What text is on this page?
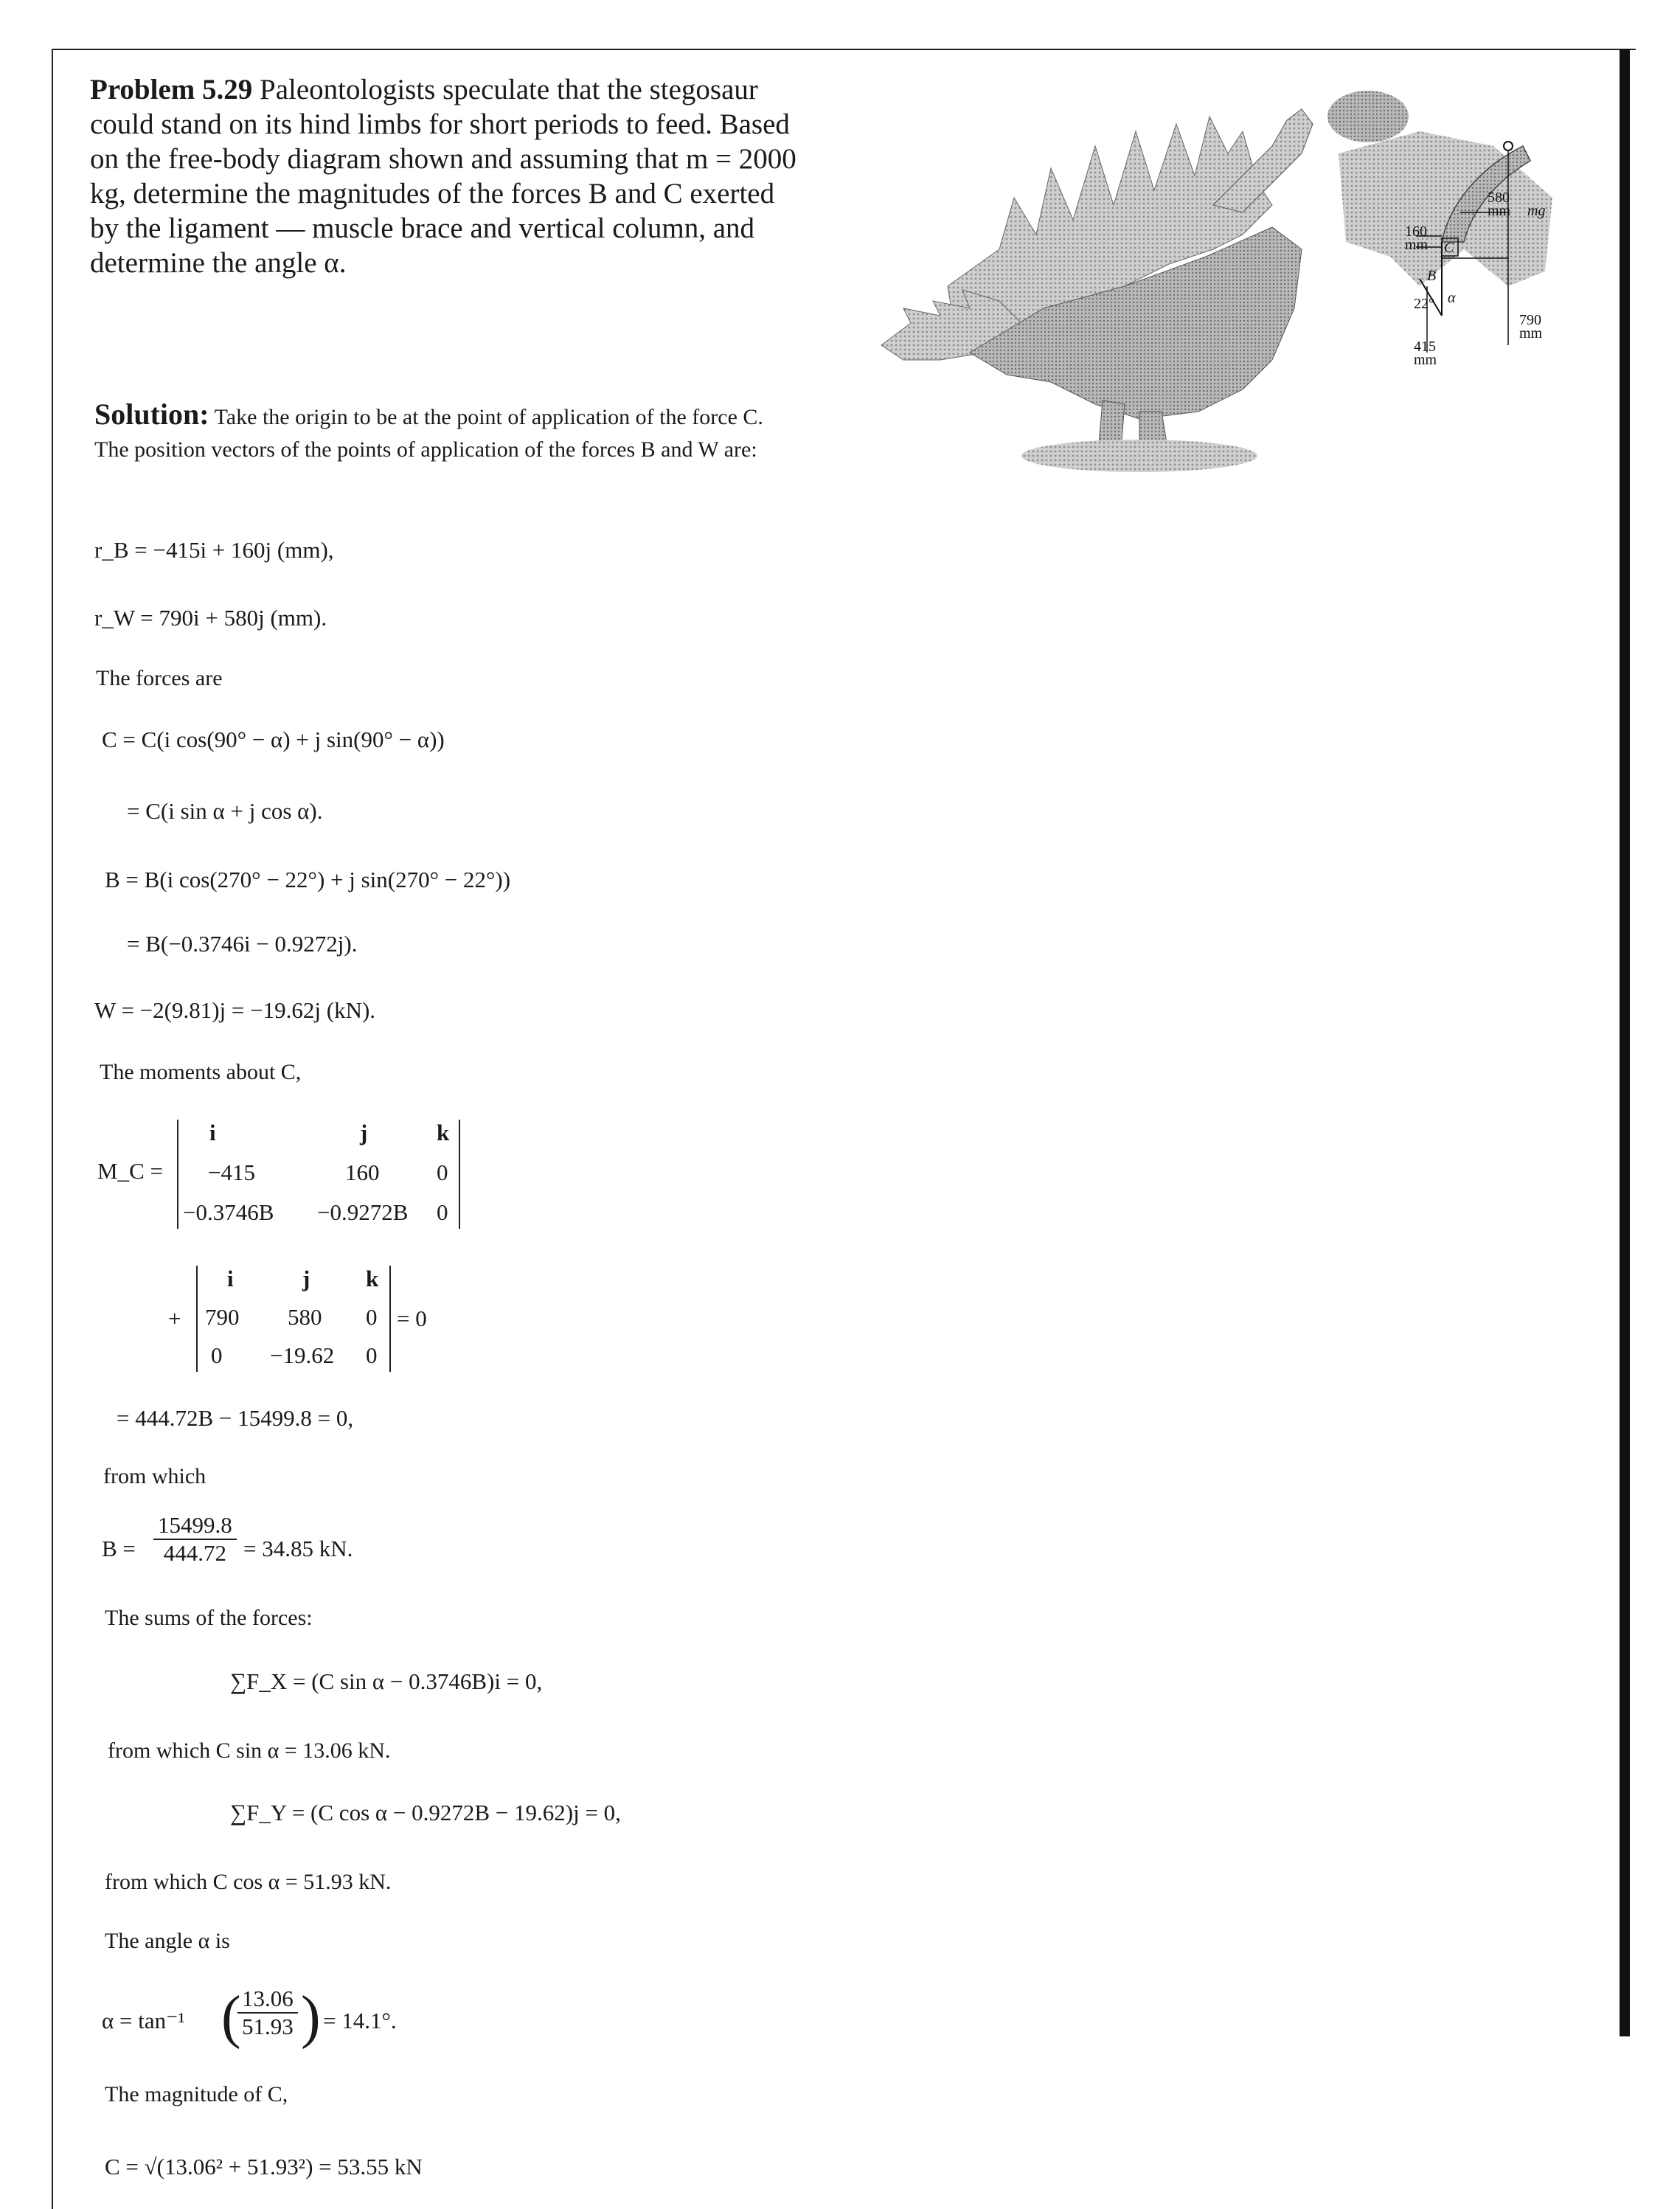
Problem 5.29 Paleontologists speculate that the stegosaur could stand on its hind limbs for short periods to feed. Based on the free-body diagram shown and assuming that m = 2000 kg, determine the magnitudes of the forces B and C exerted by the ligament — muscle brace and vertical column, and determine the angle α.
160
mm C
B
22° α
580
mm mg
790
mm
415
mm
Solution: Take the origin to be at the point of application of the force C. The position vectors of the points of application of the forces B and W are:
r_B = −415i + 160j (mm),
r_W = 790i + 580j (mm).
The forces are
C = C(i cos(90° − α) + j sin(90° − α))
= C(i sin α + j cos α).
B = B(i cos(270° − 22°) + j sin(270° − 22°))
= B(−0.3746i − 0.9272j).
W = −2(9.81)j = −19.62j (kN).
The moments about C,
M_C =
i	j	k
−415	160	0
−0.3746B −0.9272B 0
+
i	j k
790 580 0
0 −19.62 0
= 0
= 444.72B − 15499.8 = 0,
from which
$B = \frac{15499.8}{444.72} = 34.85$ kN.
The sums of the forces:
∑F_X = (C sin α − 0.3746B)i = 0,
from which C sin α = 13.06 kN.
∑F_Y = (C cos α − 0.9272B − 19.62)j = 0,
from which C cos α = 51.93 kN.
The angle α is
α = tan⁻¹ (
$\frac{13.06}{51.93}$ ) = 14.1°.
The magnitude of C,
C = √(13.06² + 51.93²) = 53.55 kN
